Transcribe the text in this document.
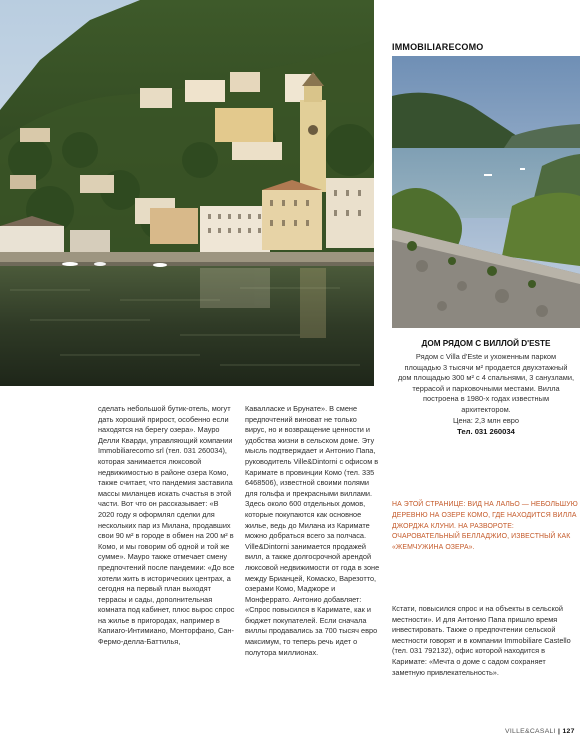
IMMOBILIARECOMO
ДОМ РЯДОМ С ВИЛЛОЙ D'ESTE
Рядом с Villa d'Este и ухоженным парком площадью 3 тысячи м² продается двухэтажный дом площадью 300 м² с 4 спальнями, 3 санузлами, террасой и парковочными местами. Вилла построена в 1980-х годах известным архитектором.
Цена: 2,3 млн евро
Тел. 031 260034
НА ЭТОЙ СТРАНИЦЕ: ВИД НА ЛАЛЬО — НЕБОЛЬШУЮ ДЕРЕВНЮ НА ОЗЕРЕ КОМО, ГДЕ НАХОДИТСЯ ВИЛЛА ДЖОРДЖА КЛУНИ. НА РАЗВОРОТЕ: ОЧАРОВАТЕЛЬНЫЙ БЕЛЛАДЖИО, ИЗВЕСТНЫЙ КАК «ЖЕМЧУЖИНА ОЗЕРА».

сделать небольшой бутик-отель, могут дать хороший прирост, особенно если находятся на берегу озера». Мауро Делли Кварди, управляющий компании Immobiliarecomo srl (тел. 031 260034), которая занимается люксовой недвижимостью в районе озера Комо, также считает, что пандемия заставила массы миланцев искать счастья в этой части. Вот что он рассказывает: «В 2020 году я оформлял сделки для нескольких пар из Милана, продавших свои 90 м² в городе в обмен на 200 м² в Комо, и мы говорим об одной и той же сумме». Мауро также отмечает смену предпочтений после пандемии: «До все хотели жить в исторических центрах, а сегодня на первый план выходят террасы и сады, дополнительная комната под кабинет, плюс вырос спрос на жилье в пригородах, например в Капиаго-Интимиано, Монторфано, Сан-Фермо-делла-Баттилья,

Кавалласке и Брунате». В смене предпочтений виноват не только вирус, но и возвращение ценности и удобства жизни в сельском доме. Эту мысль подтверждает и Антонио Папа, руководитель Ville&Dintorni с офисом в Каримате в провинции Комо (тел. 335 6468506), известной своими полями для гольфа и прекрасными виллами. Здесь около 600 отдельных домов, которые покупаются как основное жилье, ведь до Милана из Каримате можно добраться всего за полчаса. Ville&Dintorni занимается продажей вилл, а также долгосрочной арендой люксовой недвижимости от года в зоне между Брианцей, Комаско, Варезотто, озерами Комо, Маджоре и Монферрато. Антонио добавляет: «Спрос повысился в Каримате, как и бюджет покупателей. Если сначала виллы продавались за 700 тысяч евро максимум, то теперь речь идет о полутора миллионах.

Кстати, повысился спрос и на объекты в сельской местности». И для Антонио Папа пришло время инвестировать. Также о предпочтении сельской местности говорят и в компании Immobiliare Castello (тел. 031 792132), офис которой находится в Каримате: «Мечта о доме с садом сохраняет заметную привлекательность».

VILLE&CASALI | 127
